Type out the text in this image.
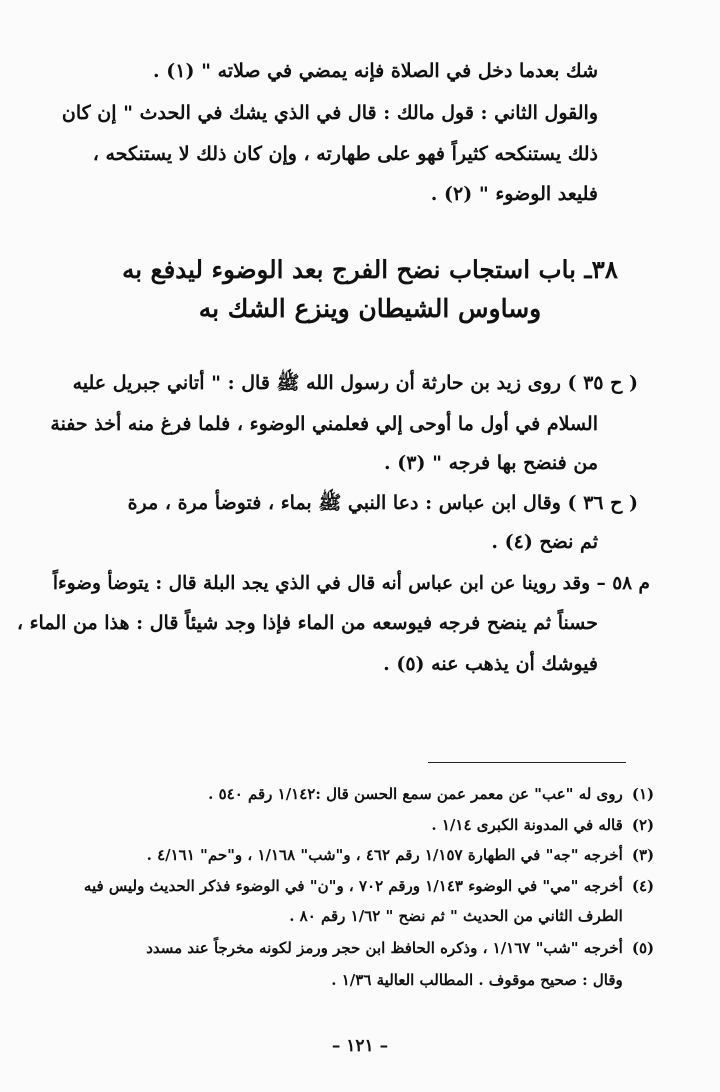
شك بعدما دخل في الصلاة فإنه يمضي في صلاته " (١) .
والقول الثاني : قول مالك : قال في الذي يشك في الحدث " إن كان
ذلك يستنكحه كثيراً فهو على طهارته ، وإن كان ذلك لا يستنكحه ،
فليعد الوضوء " (٢) .
٣٨ـ باب استجاب نضح الفرج بعد الوضوء ليدفع به
وساوس الشيطان وينزع الشك به
( ح ٣٥ ) روى زيد بن حارثة أن رسول الله ﷺ قال : " أتاني جبريل عليه
السلام في أول ما أوحى إلي فعلمني الوضوء ، فلما فرغ منه أخذ حفنة
من فنضح بها فرجه " (٣) .
( ح ٣٦ ) وقال ابن عباس : دعا النبي ﷺ بماء ، فتوضأ مرة ، مرة
ثم نضح (٤) .
م ٥٨ – وقد روينا عن ابن عباس أنه قال في الذي يجد البلة قال : يتوضأ وضوءاً
حسناً ثم ينضح فرجه فيوسعه من الماء فإذا وجد شيئاً قال : هذا من الماء ،
فيوشك أن يذهب عنه (٥) .
(١) روى له "عب" عن معمر عمن سمع الحسن قال :١/١٤٢ رقم ٥٤٠ .
(٢) قاله في المدونة الكبرى ١/١٤ .
(٣) أخرجه "جه" في الطهارة ١/١٥٧ رقم ٤٦٢ ، و"شب" ١/١٦٨ ، و"حم" ٤/١٦١ .
(٤) أخرجه "مي" في الوضوء ١/١٤٣ ورقم ٧٠٢ ، و"ن" في الوضوء فذكر الحديث وليس فيه
الطرف الثاني من الحديث " ثم نضح " ١/٦٢ رقم ٨٠ .
(٥) أخرجه "شب" ١/١٦٧ ، وذكره الحافظ ابن حجر ورمز لكونه مخرجاً عند مسدد
وقال : صحيح موقوف . المطالب العالية ١/٣٦ .
– ١٢١ –
